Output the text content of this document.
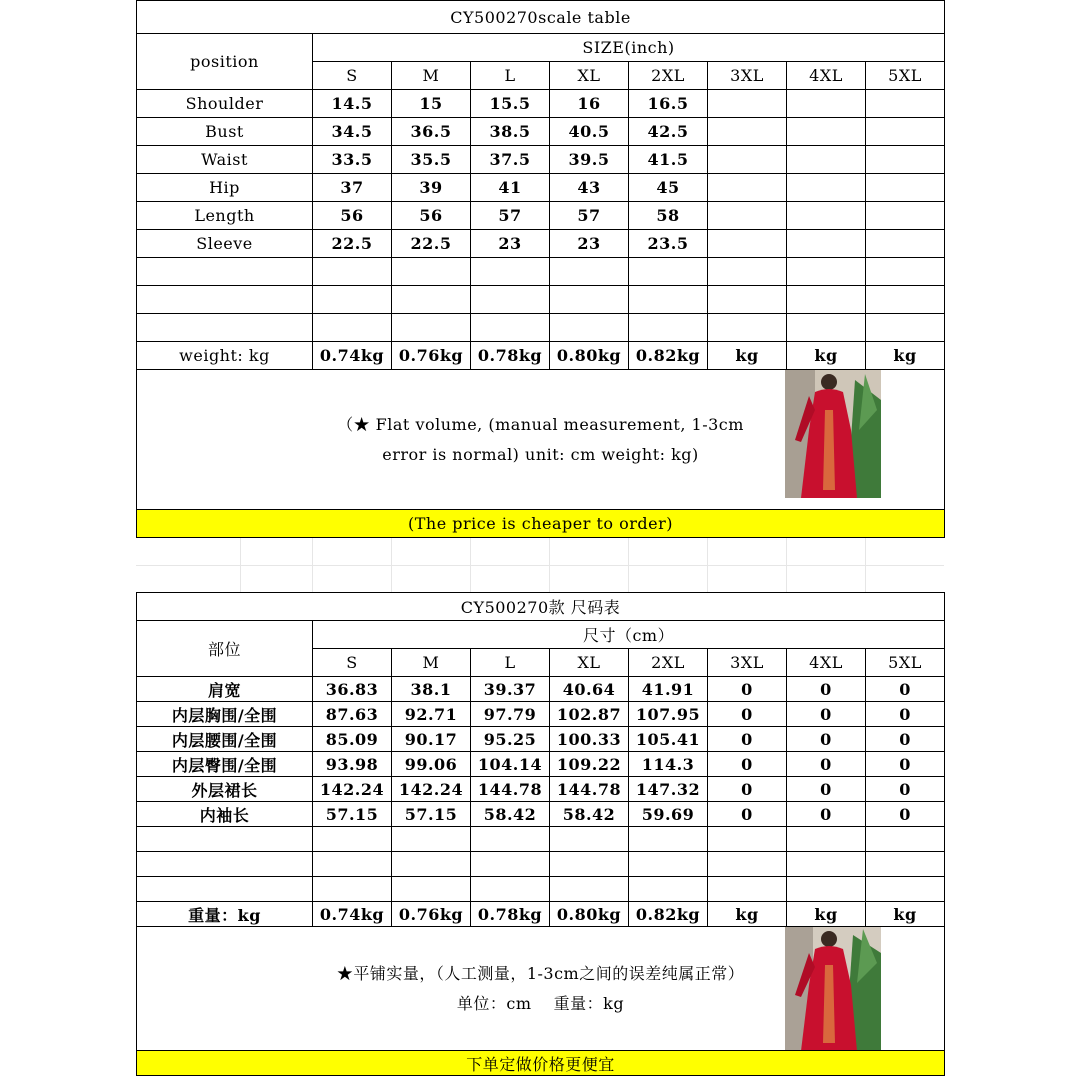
CY500270scale table								
position	SIZE(inch)							
	S	M	L	XL	2XL	3XL	4XL	5XL
Shoulder	14.5	15	15.5	16	16.5			
Bust	34.5	36.5	38.5	40.5	42.5			
Waist	33.5	35.5	37.5	39.5	41.5			
Hip	37	39	41	43	45			
Length	56	56	57	57	58			
Sleeve	22.5	22.5	23	23	23.5			

weight: kg	0.74kg	0.76kg	0.78kg	0.80kg	0.82kg	kg	kg	kg

（★ Flat volume, (manual measurement, 1-3cm
error is normal) unit: cm weight: kg)								

(The price is cheaper to order)								
CY500270款 尺码表								
部位	尺寸（cm）							
	S	M	L	XL	2XL	3XL	4XL	5XL
肩宽	36.83	38.1	39.37	40.64	41.91	0	0	0
内层胸围/全围	87.63	92.71	97.79	102.87	107.95	0	0	0
内层腰围/全围	85.09	90.17	95.25	100.33	105.41	0	0	0
内层臀围/全围	93.98	99.06	104.14	109.22	114.3	0	0	0
外层裙长	142.24	142.24	144.78	144.78	147.32	0	0	0
内袖长	57.15	57.15	58.42	58.42	59.69	0	0	0

重量：kg	0.74kg	0.76kg	0.78kg	0.80kg	0.82kg	kg	kg	kg

★平铺实量，（人工测量，1-3cm之间的误差纯属正常）
单位：cm　 重量：kg								

下单定做价格更便宜								
